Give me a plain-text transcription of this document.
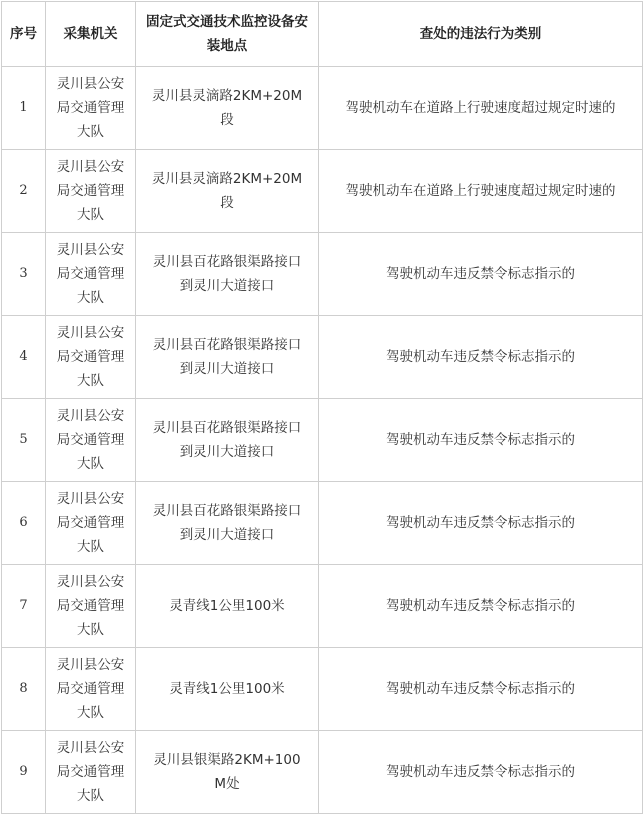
序号	采集机关	固定式交通技术监控设备安装地点	查处的违法行为类别
1	灵川县公安局交通管理大队	灵川县灵滴路2KM+20M段	驾驶机动车在道路上行驶速度超过规定时速的
2	灵川县公安局交通管理大队	灵川县灵滴路2KM+20M段	驾驶机动车在道路上行驶速度超过规定时速的
3	灵川县公安局交通管理大队	灵川县百花路银渠路接口到灵川大道接口	驾驶机动车违反禁令标志指示的
4	灵川县公安局交通管理大队	灵川县百花路银渠路接口到灵川大道接口	驾驶机动车违反禁令标志指示的
5	灵川县公安局交通管理大队	灵川县百花路银渠路接口到灵川大道接口	驾驶机动车违反禁令标志指示的
6	灵川县公安局交通管理大队	灵川县百花路银渠路接口到灵川大道接口	驾驶机动车违反禁令标志指示的
7	灵川县公安局交通管理大队	灵青线1公里100米	驾驶机动车违反禁令标志指示的
8	灵川县公安局交通管理大队	灵青线1公里100米	驾驶机动车违反禁令标志指示的
9	灵川县公安局交通管理大队	灵川县银渠路2KM+100M处	驾驶机动车违反禁令标志指示的
